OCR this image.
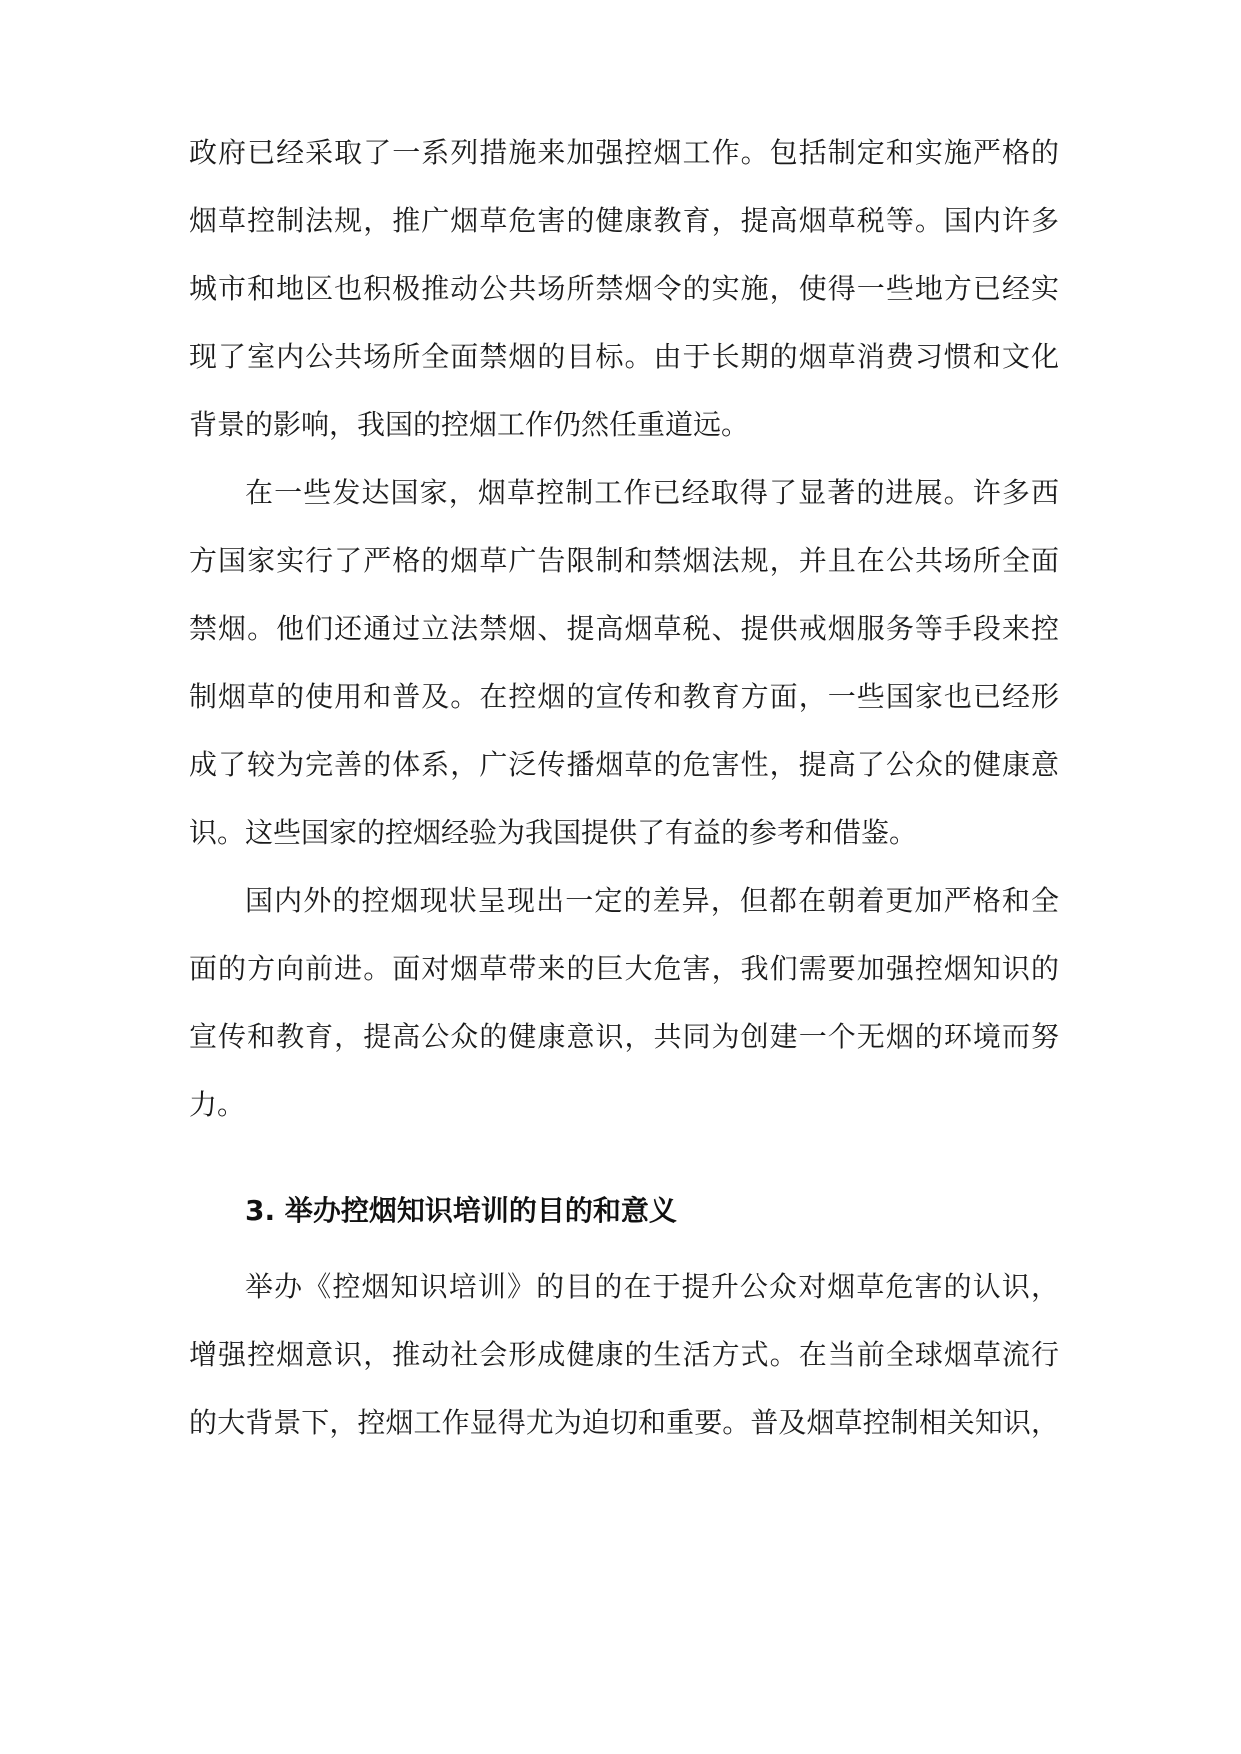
政府已经采取了一系列措施来加强控烟工作。包括制定和实施严格的
烟草控制法规，推广烟草危害的健康教育，提高烟草税等。国内许多
城市和地区也积极推动公共场所禁烟令的实施，使得一些地方已经实
现了室内公共场所全面禁烟的目标。由于长期的烟草消费习惯和文化
背景的影响，我国的控烟工作仍然任重道远。
在一些发达国家，烟草控制工作已经取得了显著的进展。许多西
方国家实行了严格的烟草广告限制和禁烟法规，并且在公共场所全面
禁烟。他们还通过立法禁烟、提高烟草税、提供戒烟服务等手段来控
制烟草的使用和普及。在控烟的宣传和教育方面，一些国家也已经形
成了较为完善的体系，广泛传播烟草的危害性，提高了公众的健康意
识。这些国家的控烟经验为我国提供了有益的参考和借鉴。
国内外的控烟现状呈现出一定的差异，但都在朝着更加严格和全
面的方向前进。面对烟草带来的巨大危害，我们需要加强控烟知识的
宣传和教育，提高公众的健康意识，共同为创建一个无烟的环境而努
力。
3. 举办控烟知识培训的目的和意义
举办《控烟知识培训》的目的在于提升公众对烟草危害的认识，
增强控烟意识，推动社会形成健康的生活方式。在当前全球烟草流行
的大背景下，控烟工作显得尤为迫切和重要。普及烟草控制相关知识，
